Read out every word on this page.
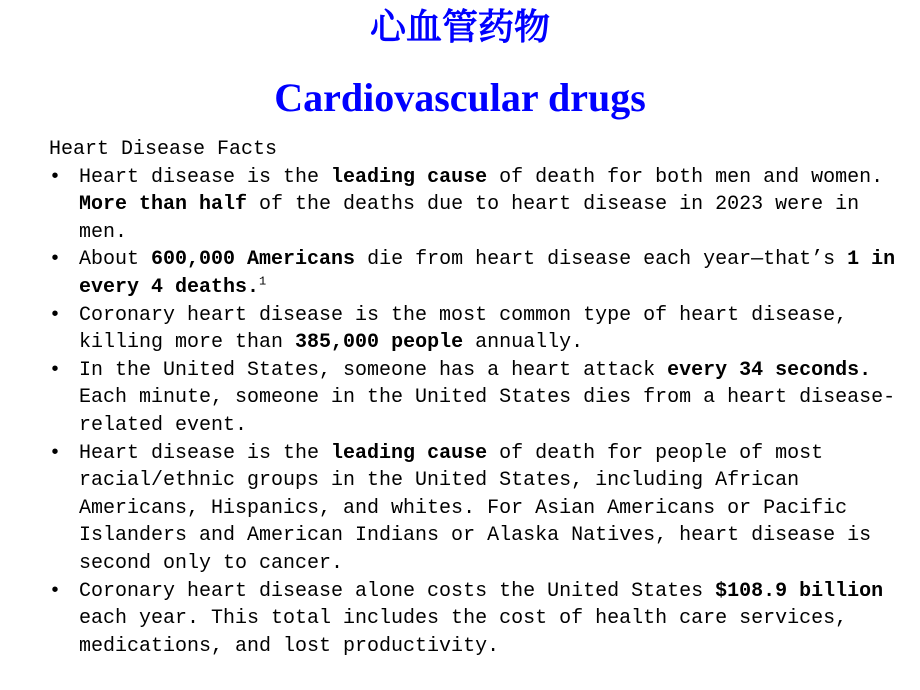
心血管药物
Cardiovascular drugs
Heart Disease Facts
• Heart disease is the leading cause of death for both men and women. More than half of the deaths due to heart disease in 2023 were in men.
• About 600,000 Americans die from heart disease each year—that’s 1 in every 4 deaths.$^1$
• Coronary heart disease is the most common type of heart disease, killing more than 385,000 people annually.
• In the United States, someone has a heart attack every 34 seconds. Each minute, someone in the United States dies from a heart disease-related event.
• Heart disease is the leading cause of death for people of most racial/ethnic groups in the United States, including African Americans, Hispanics, and whites. For Asian Americans or Pacific Islanders and American Indians or Alaska Natives, heart disease is second only to cancer.
• Coronary heart disease alone costs the United States $108.9 billion each year. This total includes the cost of health care services, medications, and lost productivity.
